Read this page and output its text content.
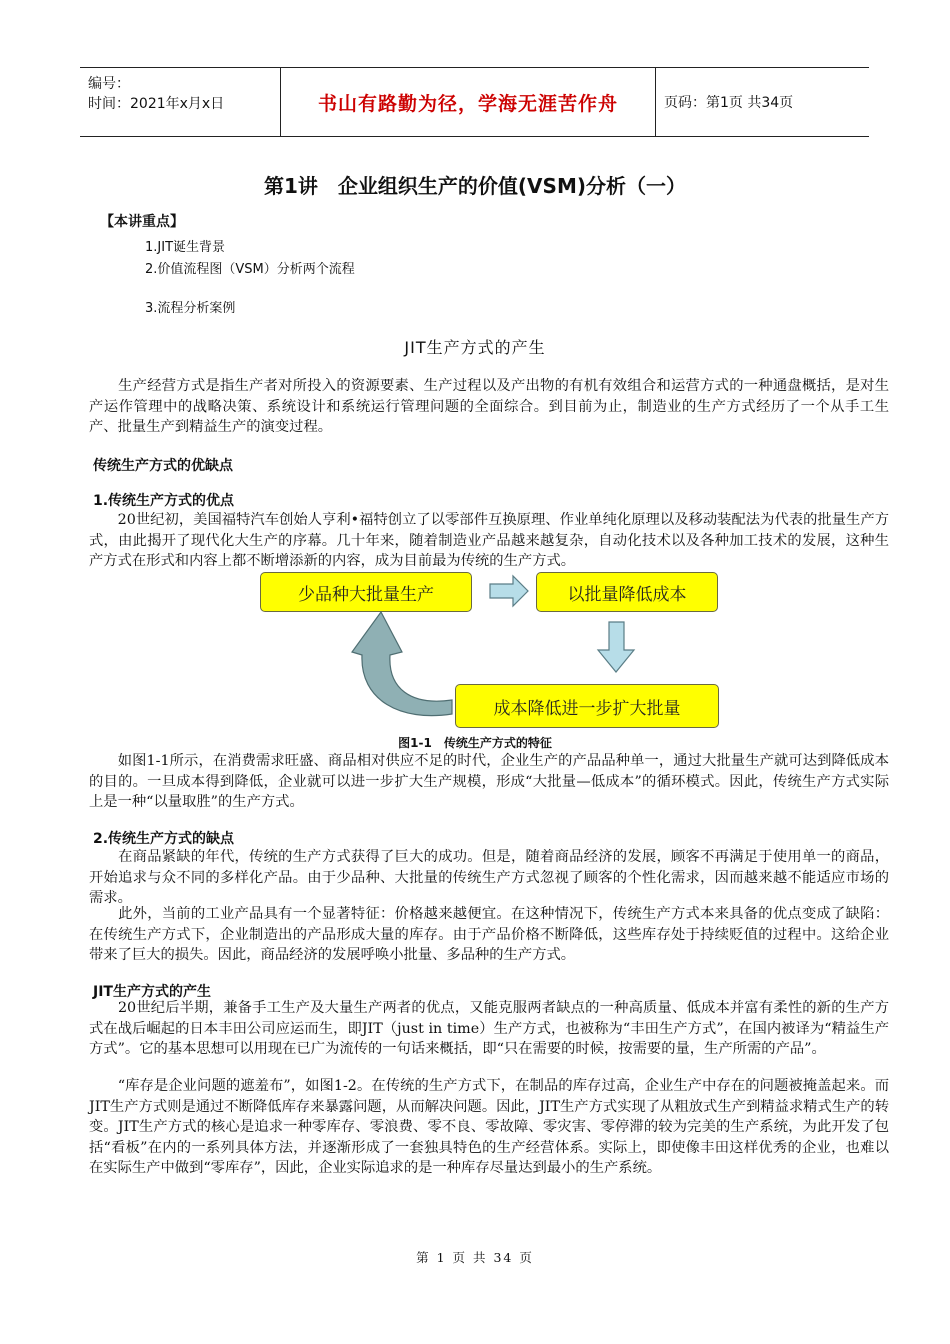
编号：
时间：2021年x月x日	书山有路勤为径，学海无涯苦作舟	页码：第1页 共34页
第1讲　企业组织生产的价值(VSM)分析（一）
【本讲重点】
1.JIT诞生背景
2.价值流程图（VSM）分析两个流程
3.流程分析案例
JIT生产方式的产生

　　生产经营方式是指生产者对所投入的资源要素、生产过程以及产出物的有机有效组合和运营方式的一种通盘概括，是对生产运作管理中的战略决策、系统设计和系统运行管理问题的全面综合。到目前为止，制造业的生产方式经历了一个从手工生产、批量生产到精益生产的演变过程。

传统生产方式的优缺点
1.传统生产方式的优点

　　20世纪初，美国福特汽车创始人亨利•福特创立了以零部件互换原理、作业单纯化原理以及移动装配法为代表的批量生产方式，由此揭开了现代化大生产的序幕。几十年来，随着制造业产品越来越复杂，自动化技术以及各种加工技术的发展，这种生产方式在形式和内容上都不断增添新的内容，成为目前最为传统的生产方式。

少品种大批量生产	以批量降低成本
成本降低进一步扩大批量
图1-1　传统生产方式的特征

　　如图1-1所示，在消费需求旺盛、商品相对供应不足的时代，企业生产的产品品种单一，通过大批量生产就可达到降低成本的目的。一旦成本得到降低，企业就可以进一步扩大生产规模，形成“大批量—低成本”的循环模式。因此，传统生产方式实际上是一种“以量取胜”的生产方式。

2.传统生产方式的缺点

　　在商品紧缺的年代，传统的生产方式获得了巨大的成功。但是，随着商品经济的发展，顾客不再满足于使用单一的商品，开始追求与众不同的多样化产品。由于少品种、大批量的传统生产方式忽视了顾客的个性化需求，因而越来越不能适应市场的需求。

　　此外，当前的工业产品具有一个显著特征：价格越来越便宜。在这种情况下，传统生产方式本来具备的优点变成了缺陷：在传统生产方式下，企业制造出的产品形成大量的库存。由于产品价格不断降低，这些库存处于持续贬值的过程中。这给企业带来了巨大的损失。因此，商品经济的发展呼唤小批量、多品种的生产方式。

JIT生产方式的产生

　　20世纪后半期，兼备手工生产及大量生产两者的优点，又能克服两者缺点的一种高质量、低成本并富有柔性的新的生产方式在战后崛起的日本丰田公司应运而生，即JIT（just in time）生产方式，也被称为“丰田生产方式”，在国内被译为“精益生产方式”。它的基本思想可以用现在已广为流传的一句话来概括，即“只在需要的时候，按需要的量，生产所需的产品”。

　　“库存是企业问题的遮羞布”，如图1-2。在传统的生产方式下，在制品的库存过高，企业生产中存在的问题被掩盖起来。而JIT生产方式则是通过不断降低库存来暴露问题，从而解决问题。因此，JIT生产方式实现了从粗放式生产到精益求精式生产的转变。JIT生产方式的核心是追求一种零库存、零浪费、零不良、零故障、零灾害、零停滞的较为完美的生产系统，为此开发了包括“看板”在内的一系列具体方法，并逐渐形成了一套独具特色的生产经营体系。实际上，即使像丰田这样优秀的企业，也难以在实际生产中做到“零库存”，因此，企业实际追求的是一种库存尽量达到最小的生产系统。

第 1 页 共 34 页
